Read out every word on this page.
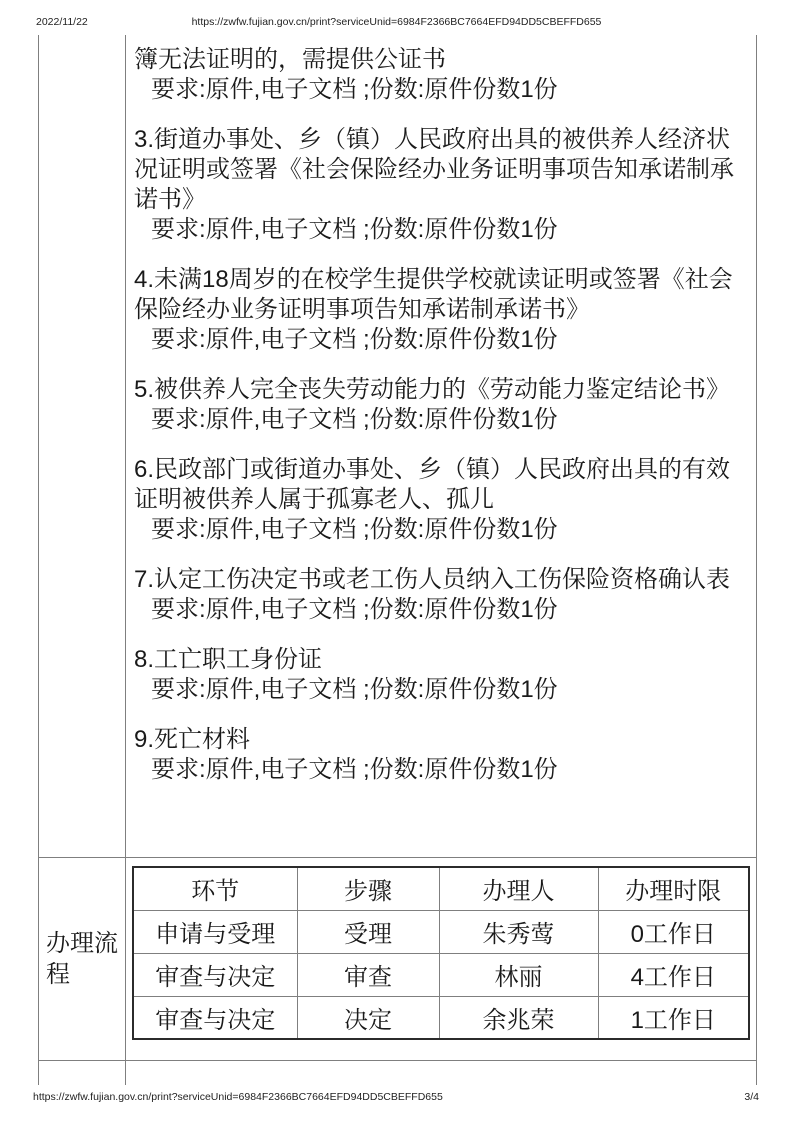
2022/11/22	https://zwfw.fujian.gov.cn/print?serviceUnid=6984F2366BC7664EFD94DD5CBEFFD655
簿无法证明的，需提供公证书
要求:原件,电子文档 ;份数:原件份数1份
3.街道办事处、乡（镇）人民政府出具的被供养人经济状况证明或签署《社会保险经办业务证明事项告知承诺制承诺书》
要求:原件,电子文档 ;份数:原件份数1份
4.未满18周岁的在校学生提供学校就读证明或签署《社会保险经办业务证明事项告知承诺制承诺书》
要求:原件,电子文档 ;份数:原件份数1份
5.被供养人完全丧失劳动能力的《劳动能力鉴定结论书》
要求:原件,电子文档 ;份数:原件份数1份
6.民政部门或街道办事处、乡（镇）人民政府出具的有效证明被供养人属于孤寡老人、孤儿
要求:原件,电子文档 ;份数:原件份数1份
7.认定工伤决定书或老工伤人员纳入工伤保险资格确认表
要求:原件,电子文档 ;份数:原件份数1份
8.工亡职工身份证
要求:原件,电子文档 ;份数:原件份数1份
9.死亡材料
要求:原件,电子文档 ;份数:原件份数1份
办理流程
环节	步骤	办理人	办理时限
申请与受理	受理	朱秀莺	0工作日
审查与决定	审查	林丽	4工作日
审查与决定	决定	余兆荣	1工作日
https://zwfw.fujian.gov.cn/print?serviceUnid=6984F2366BC7664EFD94DD5CBEFFD655	3/4
